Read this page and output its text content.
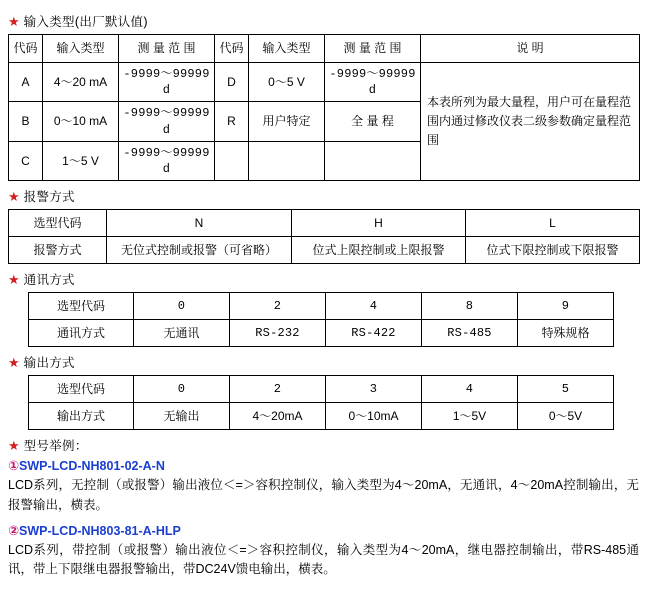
★ 输入类型(出厂默认值)
代码	输入类型	测 量 范 围	代码	输入类型	测 量 范 围	说 明
A	4～20 mA	-9999～99999d	D	0～5 V	-9999～99999d	本表所列为最大量程，用户可在量程范围内通过修改仪表二级参数确定量程范围
B	0～10 mA	-9999～99999d	R	用户特定	全 量 程	
C	1～5 V	-9999～99999d				
★ 报警方式
选型代码	N	H	L
报警方式	无位式控制或报警（可省略）	位式上限控制或上限报警	位式下限控制或下限报警
★ 通讯方式
选型代码	0	2	4	8	9
通讯方式	无通讯	RS-232	RS-422	RS-485	特殊规格
★ 输出方式
选型代码	0	2	3	4	5
输出方式	无输出	4～20mA	0～10mA	1～5V	0～5V
★ 型号举例：
①SWP-LCD-NH801-02-A-N
LCD系列，无控制（或报警）输出液位＜=＞容积控制仪，输入类型为4～20mA，无通讯，4～20mA控制输出，无报警输出，横表。
②SWP-LCD-NH803-81-A-HLP
LCD系列，带控制（或报警）输出液位＜=＞容积控制仪，输入类型为4～20mA，继电器控制输出，带RS-485通讯，带上下限继电器报警输出，带DC24V馈电输出，横表。
